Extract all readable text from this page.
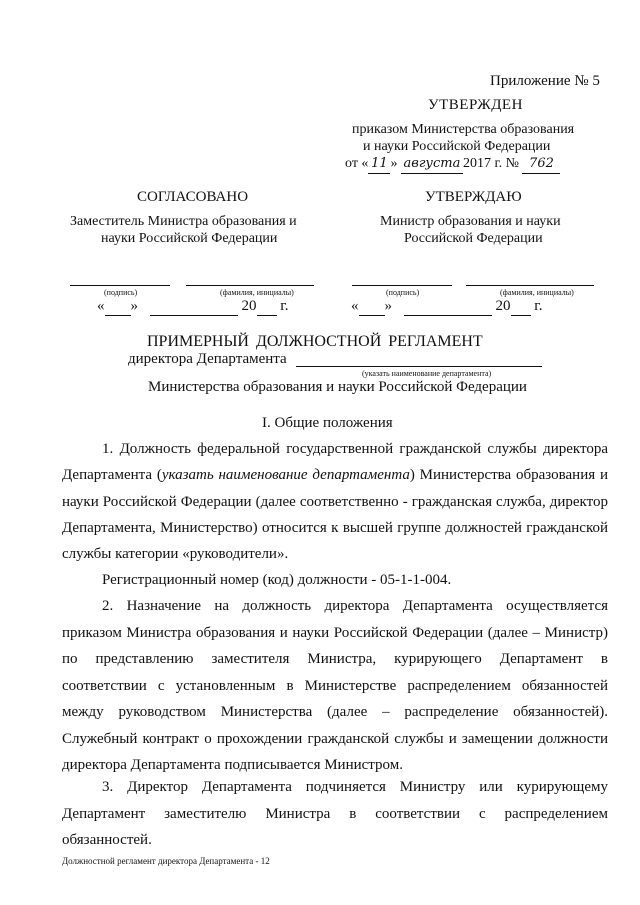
Приложение № 5
УТВЕРЖДЕН
приказом Министерства образования
и науки Российской Федерации
от « 11 » августа 2017 г. № 762
СОГЛАСОВАНО
Заместитель Министра образования и
науки Российской Федерации
(подпись)	(фамилия, инициалы)
« »	20 г.
УТВЕРЖДАЮ
Министр образования и науки
Российской Федерации
(подпись)	(фамилия, инициалы)
« »	20 г.
ПРИМЕРНЫЙ ДОЛЖНОСТНОЙ РЕГЛАМЕНТ
директора Департамента
(указать наименование департамента)
Министерства образования и науки Российской Федерации
I. Общие положения
1. Должность федеральной государственной гражданской службы директора
Департамента (указать наименование департамента) Министерства образования и
науки Российской Федерации (далее соответственно - гражданская служба, директор
Департамента, Министерство) относится к высшей группе должностей гражданской
службы категории «руководители».
Регистрационный номер (код) должности - 05-1-1-004.
2. Назначение на должность директора Департамента осуществляется приказом Министра образования и науки Российской Федерации (далее – Министр) по представлению заместителя Министра, курирующего Департамент в соответствии с установленным в Министерстве распределением обязанностей между руководством Министерства (далее – распределение обязанностей). Служебный контракт о прохождении гражданской службы и замещении должности директора Департамента подписывается Министром.
3. Директор Департамента подчиняется Министру или курирующему Департамент заместителю Министра в соответствии с распределением обязанностей.
Должностной регламент директора Департамента - 12
